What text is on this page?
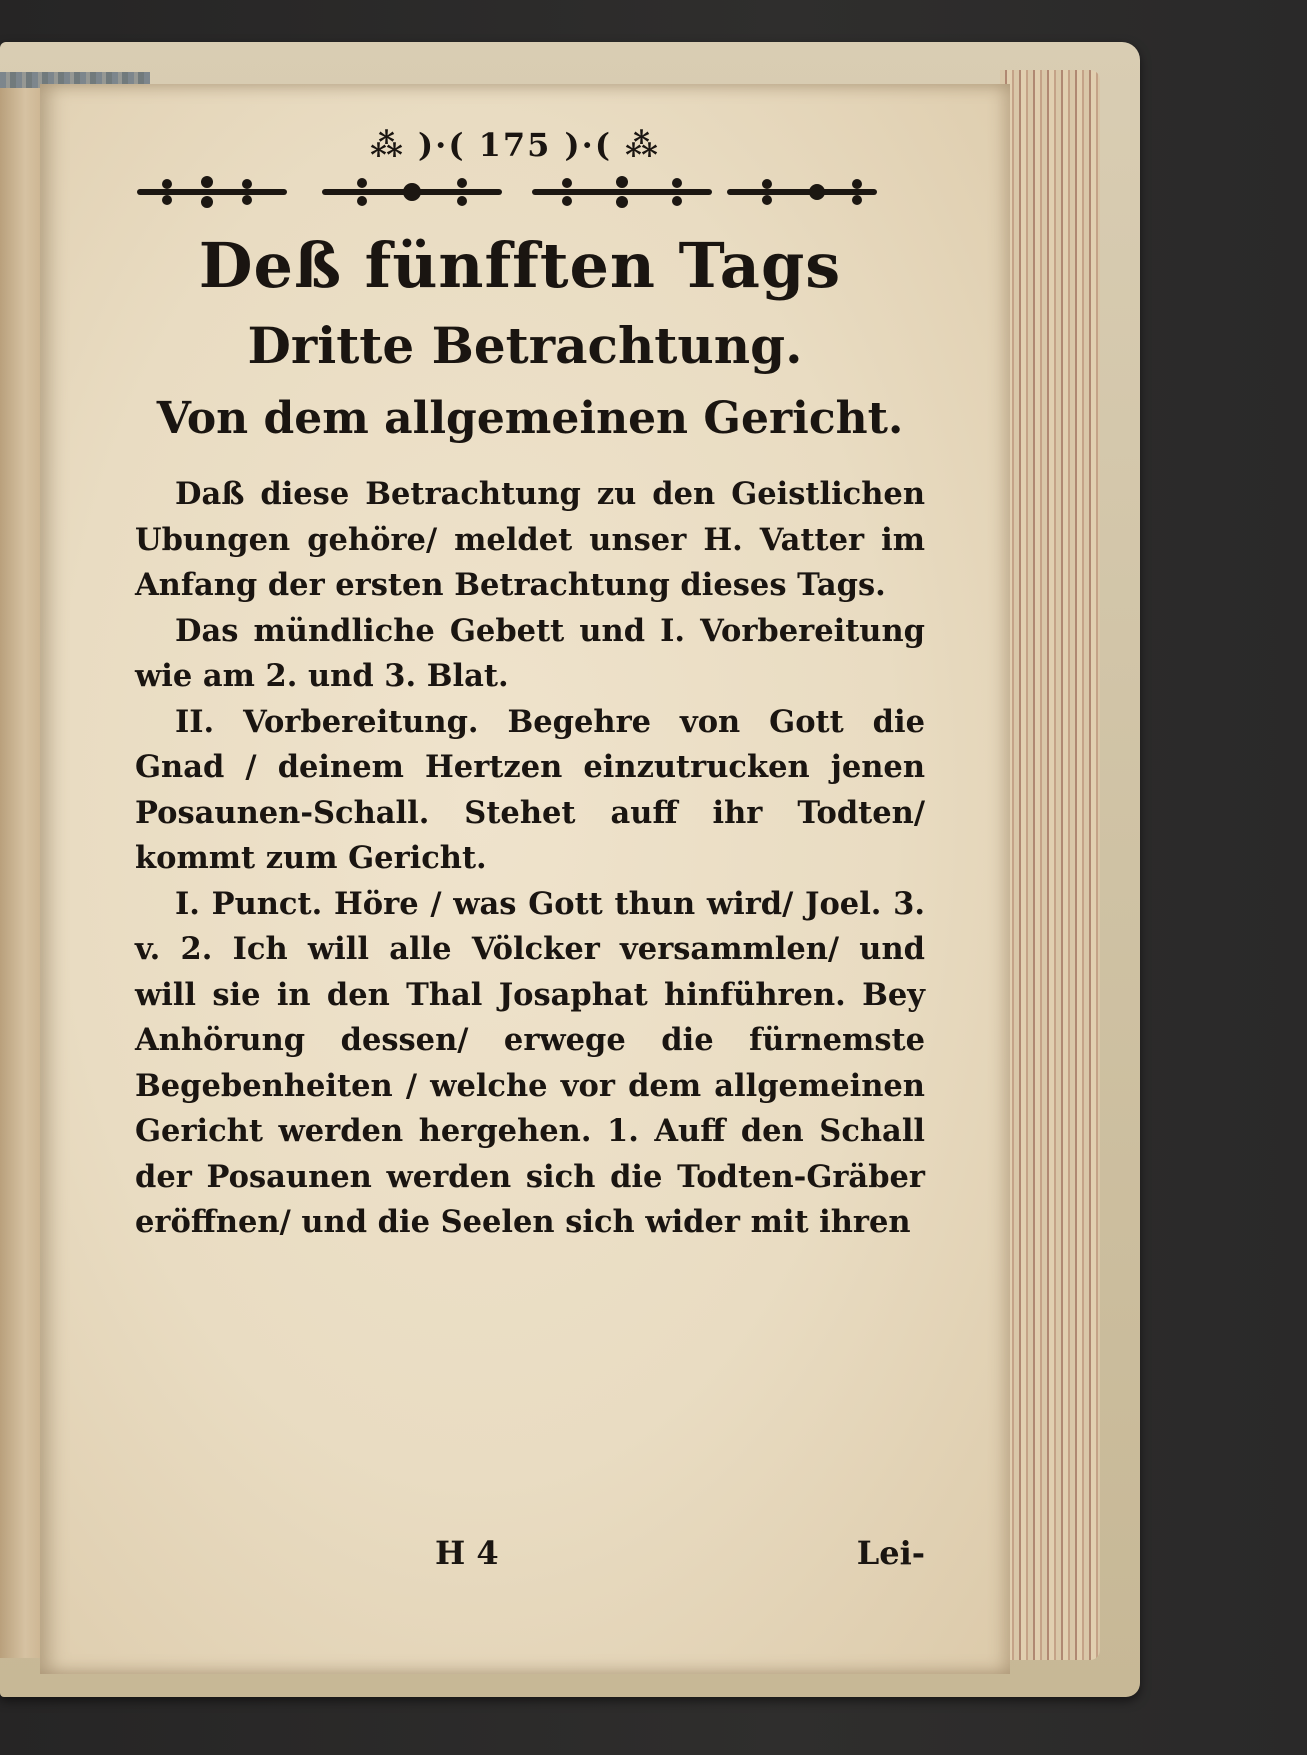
⁂ )·( 175 )·( ⁂
Deß fünfften Tags
Dritte Betrachtung.
Von dem allgemeinen Gericht.

Daß diese Betrachtung zu den Geistlichen Ubungen gehöre/ meldet unser H. Vatter im Anfang der ersten Betrachtung dieses Tags.

Das mündliche Gebett und I. Vorbereitung wie am 2. und 3. Blat.

II. Vorbereitung. Begehre von Gott die Gnad / deinem Hertzen einzutrucken jenen Posaunen-Schall. Stehet auff ihr Todten/ kommt zum Gericht.

I. Punct. Höre / was Gott thun wird/ Joel. 3. v. 2. Ich will alle Völcker versammlen/ und will sie in den Thal Josaphat hinführen. Bey Anhörung dessen/ erwege die fürnemste Begebenheiten / welche vor dem allgemeinen Gericht werden hergehen. 1. Auff den Schall der Posaunen werden sich die Todten-Gräber eröffnen/ und die Seelen sich wider mit ihren

H 4	Lei-
